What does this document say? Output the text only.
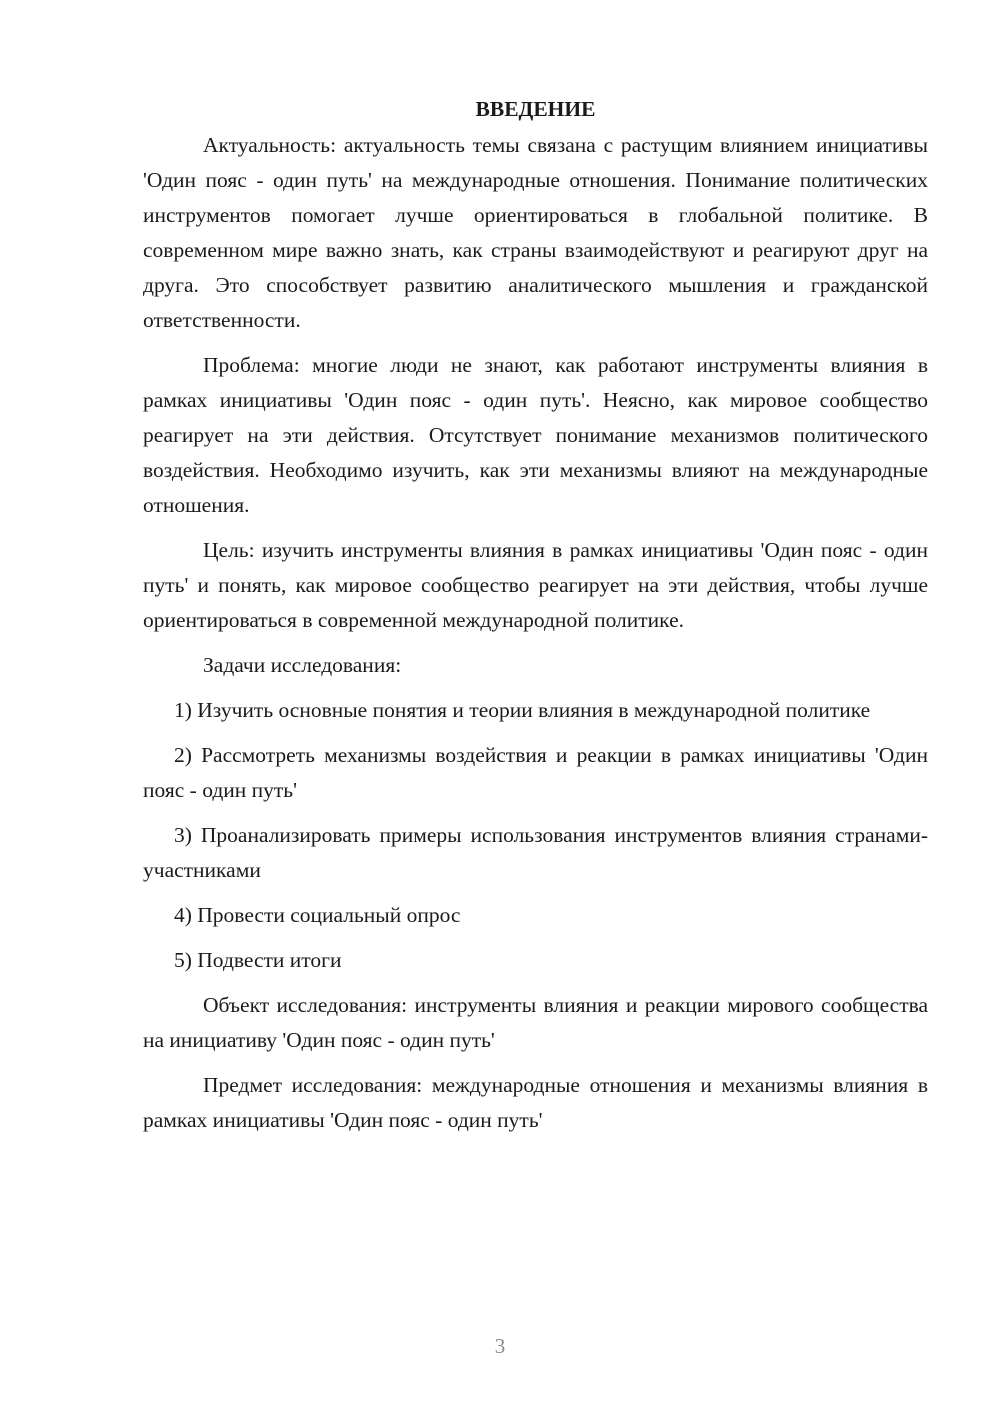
ВВЕДЕНИЕ

Актуальность: актуальность темы связана с растущим влиянием инициативы 'Один пояс - один путь' на международные отношения. Понимание политических инструментов помогает лучше ориентироваться в глобальной политике. В современном мире важно знать, как страны взаимодействуют и реагируют друг на друга. Это способствует развитию аналитического мышления и гражданской ответственности.

Проблема: многие люди не знают, как работают инструменты влияния в рамках инициативы 'Один пояс - один путь'. Неясно, как мировое сообщество реагирует на эти действия. Отсутствует понимание механизмов политического воздействия. Необходимо изучить, как эти механизмы влияют на международные отношения.

Цель: изучить инструменты влияния в рамках инициативы 'Один пояс - один путь' и понять, как мировое сообщество реагирует на эти действия, чтобы лучше ориентироваться в современной международной политике.

Задачи исследования:

1) Изучить основные понятия и теории влияния в международной политике

2) Рассмотреть механизмы воздействия и реакции в рамках инициативы 'Один пояс - один путь'

3) Проанализировать примеры использования инструментов влияния странами-участниками

4) Провести социальный опрос

5) Подвести итоги

Объект исследования: инструменты влияния и реакции мирового сообщества на инициативу 'Один пояс - один путь'

Предмет исследования: международные отношения и механизмы влияния в рамках инициативы 'Один пояс - один путь'

3
